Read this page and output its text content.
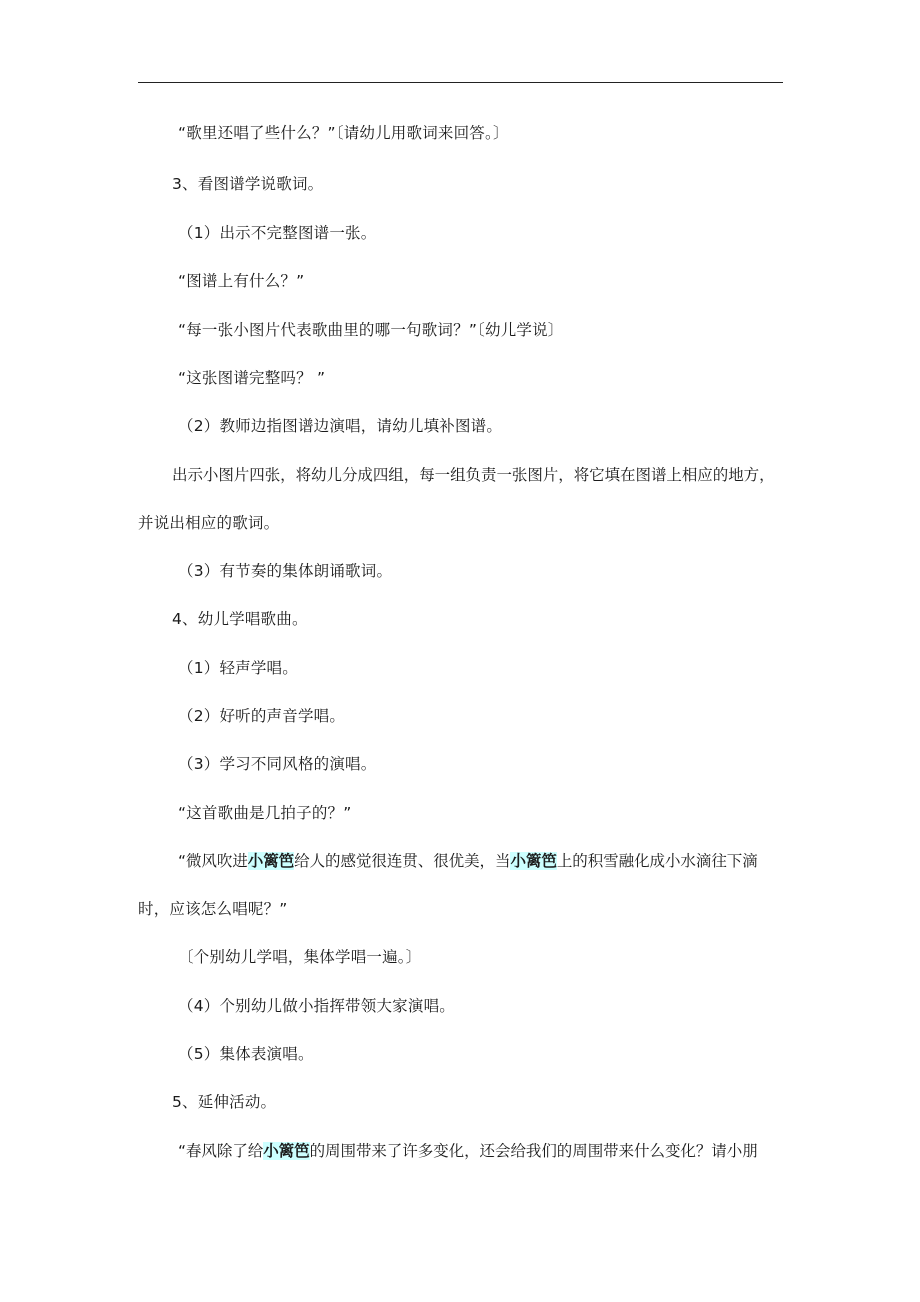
“歌里还唱了些什么？”〔请幼儿用歌词来回答。〕
3、看图谱学说歌词。
（1）出示不完整图谱一张。
“图谱上有什么？”
“每一张小图片代表歌曲里的哪一句歌词？”〔幼儿学说〕
“这张图谱完整吗？ ”
（2）教师边指图谱边演唱，请幼儿填补图谱。
出示小图片四张，将幼儿分成四组，每一组负责一张图片，将它填在图谱上相应的地方，
并说出相应的歌词。
（3）有节奏的集体朗诵歌词。
4、幼儿学唱歌曲。
（1）轻声学唱。
（2）好听的声音学唱。
（3）学习不同风格的演唱。
“这首歌曲是几拍子的？”
“微风吹进小篱笆给人的感觉很连贯、很优美，当小篱笆上的积雪融化成小水滴往下滴
时，应该怎么唱呢？”
〔个别幼儿学唱，集体学唱一遍。〕
（4）个别幼儿做小指挥带领大家演唱。
（5）集体表演唱。
5、延伸活动。
“春风除了给小篱笆的周围带来了许多变化，还会给我们的周围带来什么变化？请小朋
